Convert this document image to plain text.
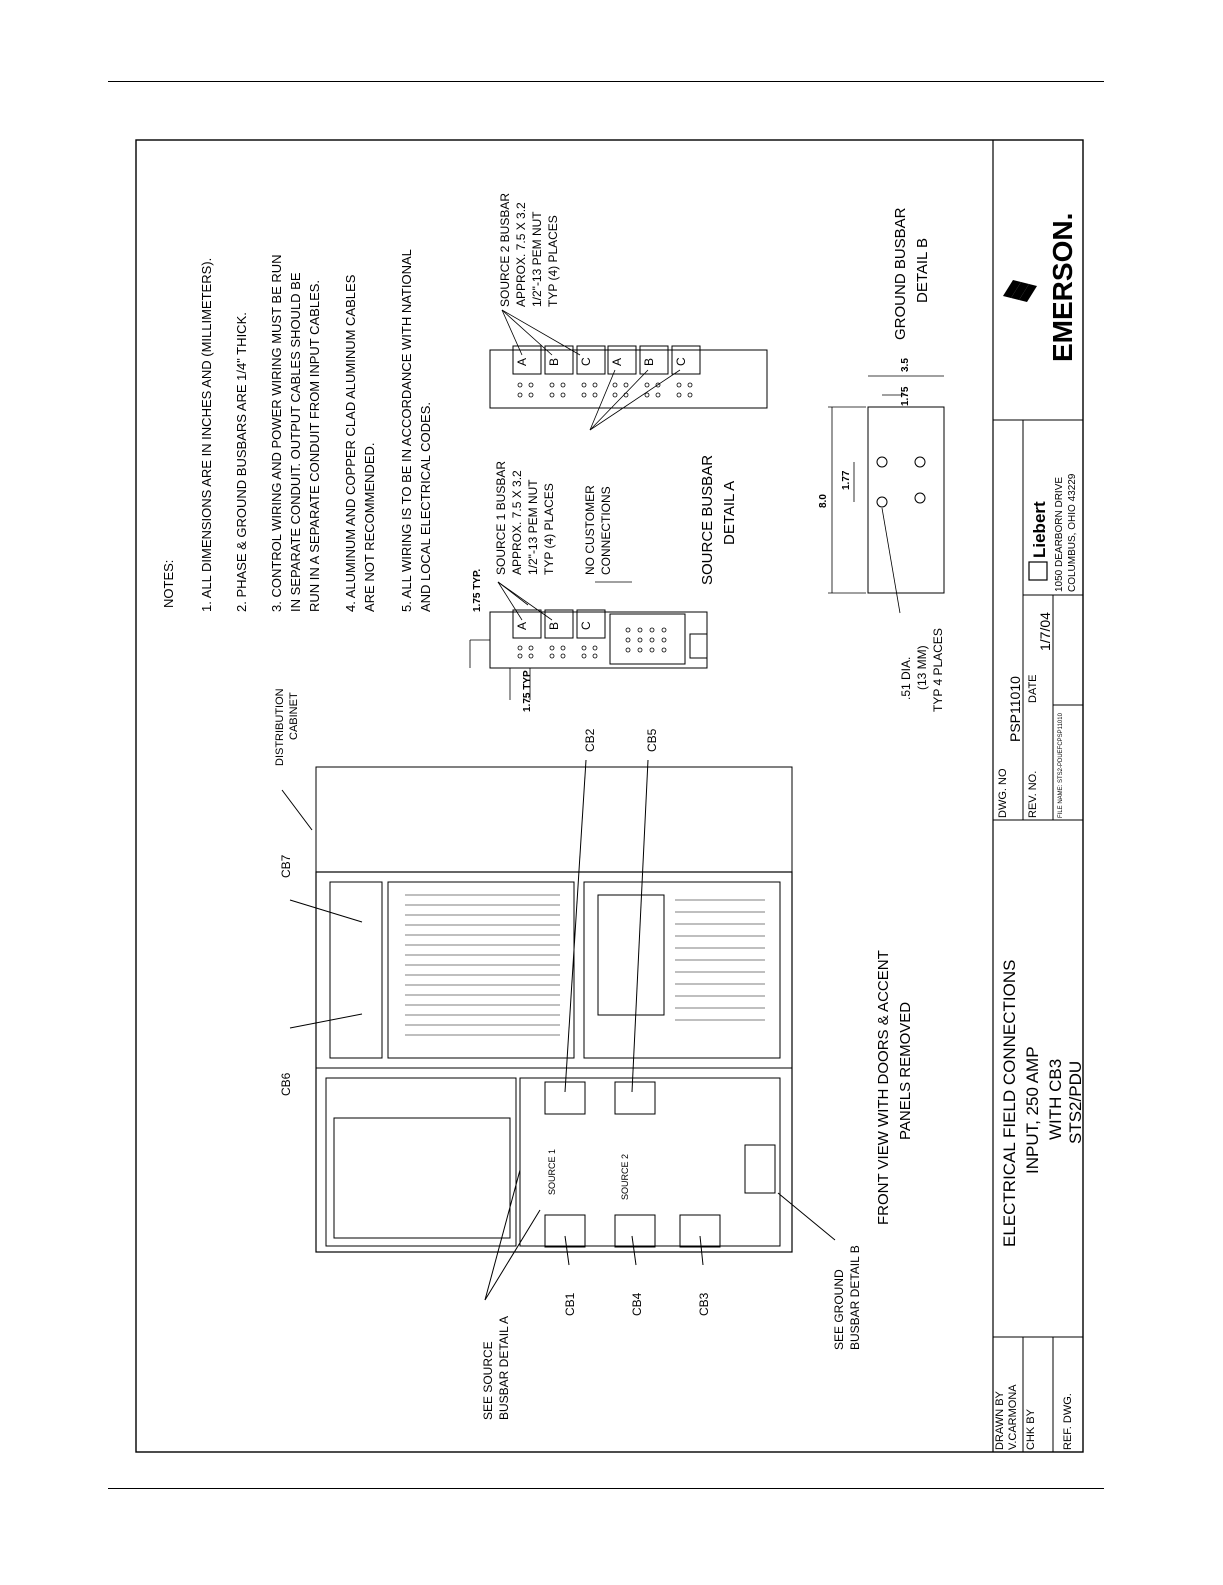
NOTES: 1. ALL DIMENSIONS ARE IN INCHES AND (MILLIMETERS). 2. PHASE & GROUND BUSBARS ARE 1/4" THICK. 3. CONTROL WIRING AND POWER WIRING MUST BE RUN IN SEPARATE CONDUIT. OUTPUT CABLES SHOULD BE RUN IN A SEPARATE CONDUIT FROM INPUT CABLES. 4. ALUMINUM AND COPPER CLAD ALUMINUM CABLES ARE NOT RECOMMENDED. 5. ALL WIRING IS TO BE IN ACCORDANCE WITH NATIONAL AND LOCAL ELECTRICAL CODES.
A B C
A B C A B C
1.75 TYP.
1.75 TYP
SOURCE 1 BUSBAR APPROX. 7.5 X 3.2 1/2"-13 PEM NUT TYP (4) PLACES NO CUSTOMER CONNECTIONS
SOURCE 2 BUSBAR APPROX. 7.5 X 3.2 1/2"-13 PEM NUT TYP (4) PLACES
SOURCE BUSBAR DETAIL A	8.0
1.77
1.75
3.5
.51 DIA. (13 MM) TYP 4 PLACES
GROUND BUSBAR DETAIL B
DISTRIBUTION CABINET
CB2	CB5
CB7
CB6
CB1	CB4	CB3
SOURCE 1	SOURCE 2
SEE SOURCE BUSBAR DETAIL A
SEE GROUND BUSBAR DETAIL B
FRONT VIEW WITH DOORS & ACCENT PANELS REMOVED	ELECTRICAL FIELD CONNECTIONS INPUT, 250 AMP WITH CB3 STS2/PDU
DRAWN BY V.CARMONA CHK BY REF. DWG.
DWG. NO
PSP11010
REV. NO.
DATE
1/7/04
FILE NAME: STS2-PDUEFCPSP11010
Liebert 1050 DEARBORN DRIVE COLUMBUS, OHIO 43229
EMERSON.
